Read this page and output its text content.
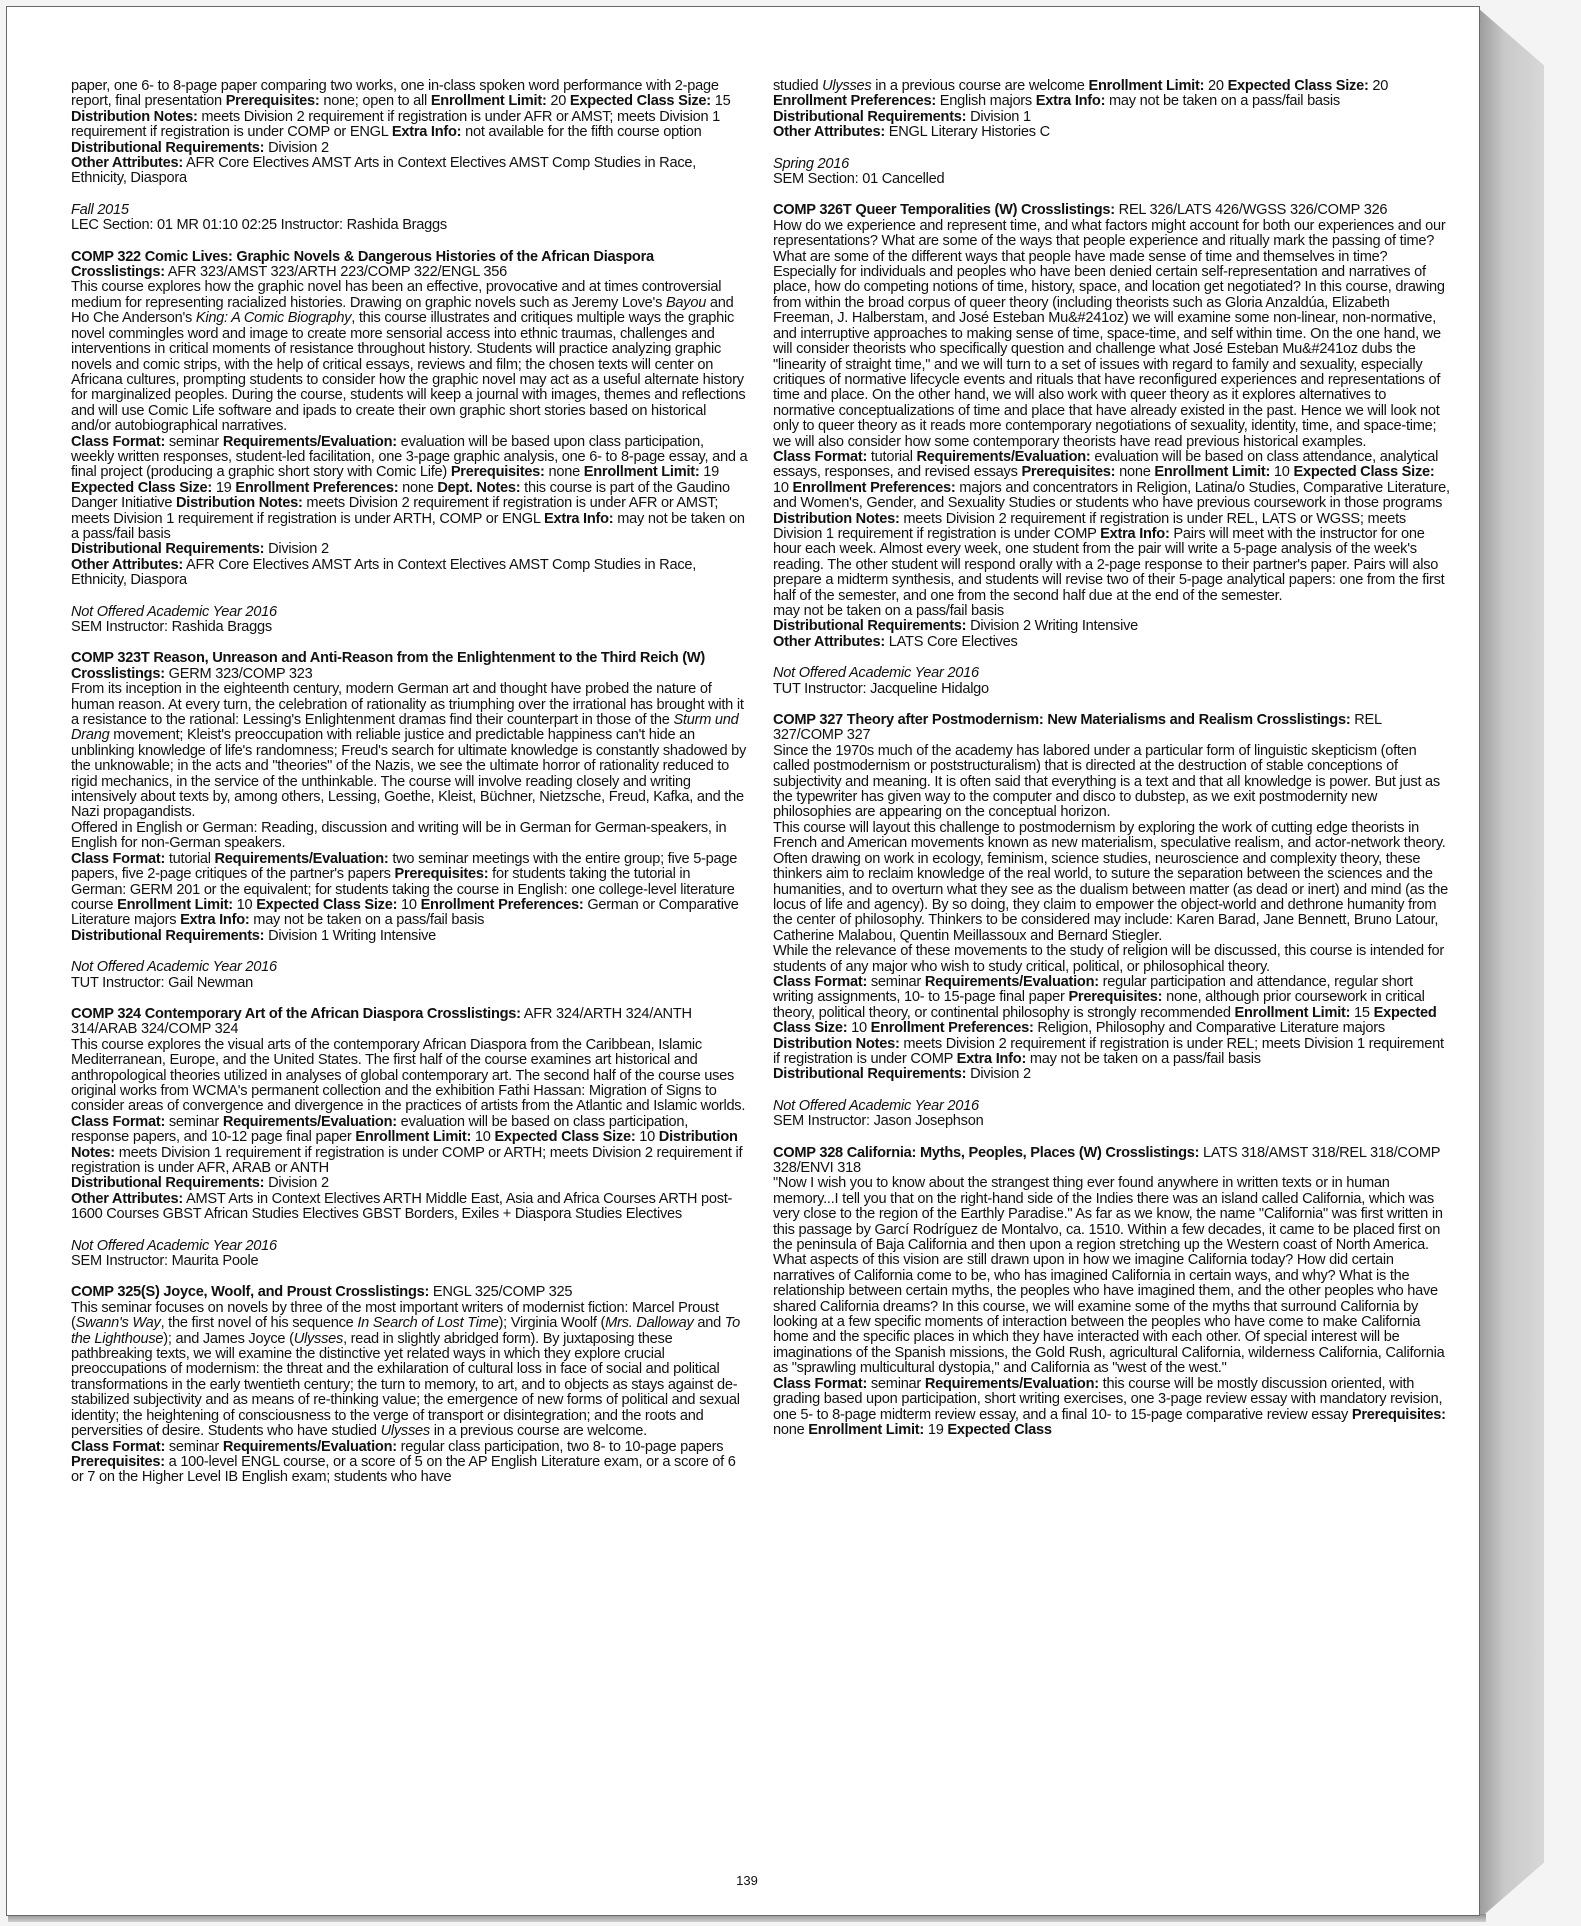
paper, one 6- to 8-page paper comparing two works, one in-class spoken word performance with 2-page report, final presentation Prerequisites: none; open to all Enrollment Limit: 20 Expected Class Size: 15 Distribution Notes: meets Division 2 requirement if registration is under AFR or AMST; meets Division 1 requirement if registration is under COMP or ENGL Extra Info: not available for the fifth course option

Distributional Requirements: Division 2

Other Attributes: AFR Core Electives AMST Arts in Context Electives AMST Comp Studies in Race, Ethnicity, Diaspora

Fall 2015

LEC Section: 01 MR 01:10 02:25 Instructor: Rashida Braggs

COMP 322 Comic Lives: Graphic Novels & Dangerous Histories of the African Diaspora Crosslistings: AFR 323/AMST 323/ARTH 223/COMP 322/ENGL 356

This course explores how the graphic novel has been an effective, provocative and at times controversial medium for representing racialized histories. Drawing on graphic novels such as Jeremy Love's Bayou and Ho Che Anderson's King: A Comic Biography, this course illustrates and critiques multiple ways the graphic novel commingles word and image to create more sensorial access into ethnic traumas, challenges and interventions in critical moments of resistance throughout history. Students will practice analyzing graphic novels and comic strips, with the help of critical essays, reviews and film; the chosen texts will center on Africana cultures, prompting students to consider how the graphic novel may act as a useful alternate history for marginalized peoples. During the course, students will keep a journal with images, themes and reflections and will use Comic Life software and ipads to create their own graphic short stories based on historical and/or autobiographical narratives.

Class Format: seminar Requirements/Evaluation: evaluation will be based upon class participation, weekly written responses, student-led facilitation, one 3-page graphic analysis, one 6- to 8-page essay, and a final project (producing a graphic short story with Comic Life) Prerequisites: none Enrollment Limit: 19 Expected Class Size: 19 Enrollment Preferences: none Dept. Notes: this course is part of the Gaudino Danger Initiative Distribution Notes: meets Division 2 requirement if registration is under AFR or AMST; meets Division 1 requirement if registration is under ARTH, COMP or ENGL Extra Info: may not be taken on a pass/fail basis

Distributional Requirements: Division 2

Other Attributes: AFR Core Electives AMST Arts in Context Electives AMST Comp Studies in Race, Ethnicity, Diaspora

Not Offered Academic Year 2016

SEM Instructor: Rashida Braggs

COMP 323T Reason, Unreason and Anti-Reason from the Enlightenment to the Third Reich (W) Crosslistings: GERM 323/COMP 323

From its inception in the eighteenth century, modern German art and thought have probed the nature of human reason. At every turn, the celebration of rationality as triumphing over the irrational has brought with it a resistance to the rational: Lessing's Enlightenment dramas find their counterpart in those of the Sturm und Drang movement; Kleist's preoccupation with reliable justice and predictable happiness can't hide an unblinking knowledge of life's randomness; Freud's search for ultimate knowledge is constantly shadowed by the unknowable; in the acts and "theories" of the Nazis, we see the ultimate horror of rationality reduced to rigid mechanics, in the service of the unthinkable. The course will involve reading closely and writing intensively about texts by, among others, Lessing, Goethe, Kleist, Büchner, Nietzsche, Freud, Kafka, and the Nazi propagandists.

Offered in English or German: Reading, discussion and writing will be in German for German-speakers, in English for non-German speakers.

Class Format: tutorial Requirements/Evaluation: two seminar meetings with the entire group; five 5-page papers, five 2-page critiques of the partner's papers Prerequisites: for students taking the tutorial in German: GERM 201 or the equivalent; for students taking the course in English: one college-level literature course Enrollment Limit: 10 Expected Class Size: 10 Enrollment Preferences: German or Comparative Literature majors Extra Info: may not be taken on a pass/fail basis

Distributional Requirements: Division 1 Writing Intensive

Not Offered Academic Year 2016

TUT Instructor: Gail Newman

COMP 324 Contemporary Art of the African Diaspora Crosslistings: AFR 324/ARTH 324/ANTH 314/ARAB 324/COMP 324

This course explores the visual arts of the contemporary African Diaspora from the Caribbean, Islamic Mediterranean, Europe, and the United States. The first half of the course examines art historical and anthropological theories utilized in analyses of global contemporary art. The second half of the course uses original works from WCMA's permanent collection and the exhibition Fathi Hassan: Migration of Signs to consider areas of convergence and divergence in the practices of artists from the Atlantic and Islamic worlds.

Class Format: seminar Requirements/Evaluation: evaluation will be based on class participation, response papers, and 10-12 page final paper Enrollment Limit: 10 Expected Class Size: 10 Distribution Notes: meets Division 1 requirement if registration is under COMP or ARTH; meets Division 2 requirement if registration is under AFR, ARAB or ANTH

Distributional Requirements: Division 2

Other Attributes: AMST Arts in Context Electives ARTH Middle East, Asia and Africa Courses ARTH post-1600 Courses GBST African Studies Electives GBST Borders, Exiles + Diaspora Studies Electives

Not Offered Academic Year 2016

SEM Instructor: Maurita Poole

COMP 325(S) Joyce, Woolf, and Proust Crosslistings: ENGL 325/COMP 325

This seminar focuses on novels by three of the most important writers of modernist fiction: Marcel Proust (Swann's Way, the first novel of his sequence In Search of Lost Time); Virginia Woolf (Mrs. Dalloway and To the Lighthouse); and James Joyce (Ulysses, read in slightly abridged form). By juxtaposing these pathbreaking texts, we will examine the distinctive yet related ways in which they explore crucial preoccupations of modernism: the threat and the exhilaration of cultural loss in face of social and political transformations in the early twentieth century; the turn to memory, to art, and to objects as stays against de-stabilized subjectivity and as means of re-thinking value; the emergence of new forms of political and sexual identity; the heightening of consciousness to the verge of transport or disintegration; and the roots and perversities of desire. Students who have studied Ulysses in a previous course are welcome.

Class Format: seminar Requirements/Evaluation: regular class participation, two 8- to 10-page papers Prerequisites: a 100-level ENGL course, or a score of 5 on the AP English Literature exam, or a score of 6 or 7 on the Higher Level IB English exam; students who have

studied Ulysses in a previous course are welcome Enrollment Limit: 20 Expected Class Size: 20 Enrollment Preferences: English majors Extra Info: may not be taken on a pass/fail basis

Distributional Requirements: Division 1

Other Attributes: ENGL Literary Histories C

Spring 2016

SEM Section: 01 Cancelled

COMP 326T Queer Temporalities (W) Crosslistings: REL 326/LATS 426/WGSS 326/COMP 326

How do we experience and represent time, and what factors might account for both our experiences and our representations? What are some of the ways that people experience and ritually mark the passing of time? What are some of the different ways that people have made sense of time and themselves in time? Especially for individuals and peoples who have been denied certain self-representation and narratives of place, how do competing notions of time, history, space, and location get negotiated? In this course, drawing from within the broad corpus of queer theory (including theorists such as Gloria Anzaldúa, Elizabeth Freeman, J. Halberstam, and José Esteban Mu&#241oz) we will examine some non-linear, non-normative, and interruptive approaches to making sense of time, space-time, and self within time. On the one hand, we will consider theorists who specifically question and challenge what José Esteban Mu&#241oz dubs the "linearity of straight time," and we will turn to a set of issues with regard to family and sexuality, especially critiques of normative lifecycle events and rituals that have reconfigured experiences and representations of time and place. On the other hand, we will also work with queer theory as it explores alternatives to normative conceptualizations of time and place that have already existed in the past. Hence we will look not only to queer theory as it reads more contemporary negotiations of sexuality, identity, time, and space-time; we will also consider how some contemporary theorists have read previous historical examples.

Class Format: tutorial Requirements/Evaluation: evaluation will be based on class attendance, analytical essays, responses, and revised essays Prerequisites: none Enrollment Limit: 10 Expected Class Size: 10 Enrollment Preferences: majors and concentrators in Religion, Latina/o Studies, Comparative Literature, and Women's, Gender, and Sexuality Studies or students who have previous coursework in those programs Distribution Notes: meets Division 2 requirement if registration is under REL, LATS or WGSS; meets Division 1 requirement if registration is under COMP Extra Info: Pairs will meet with the instructor for one hour each week. Almost every week, one student from the pair will write a 5-page analysis of the week's reading. The other student will respond orally with a 2-page response to their partner's paper. Pairs will also prepare a midterm synthesis, and students will revise two of their 5-page analytical papers: one from the first half of the semester, and one from the second half due at the end of the semester.

may not be taken on a pass/fail basis

Distributional Requirements: Division 2 Writing Intensive

Other Attributes: LATS Core Electives

Not Offered Academic Year 2016

TUT Instructor: Jacqueline Hidalgo

COMP 327 Theory after Postmodernism: New Materialisms and Realism Crosslistings: REL 327/COMP 327

Since the 1970s much of the academy has labored under a particular form of linguistic skepticism (often called postmodernism or poststructuralism) that is directed at the destruction of stable conceptions of subjectivity and meaning. It is often said that everything is a text and that all knowledge is power. But just as the typewriter has given way to the computer and disco to dubstep, as we exit postmodernity new philosophies are appearing on the conceptual horizon.

This course will layout this challenge to postmodernism by exploring the work of cutting edge theorists in French and American movements known as new materialism, speculative realism, and actor-network theory. Often drawing on work in ecology, feminism, science studies, neuroscience and complexity theory, these thinkers aim to reclaim knowledge of the real world, to suture the separation between the sciences and the humanities, and to overturn what they see as the dualism between matter (as dead or inert) and mind (as the locus of life and agency). By so doing, they claim to empower the object-world and dethrone humanity from the center of philosophy. Thinkers to be considered may include: Karen Barad, Jane Bennett, Bruno Latour, Catherine Malabou, Quentin Meillassoux and Bernard Stiegler.

While the relevance of these movements to the study of religion will be discussed, this course is intended for students of any major who wish to study critical, political, or philosophical theory.

Class Format: seminar Requirements/Evaluation: regular participation and attendance, regular short writing assignments, 10- to 15-page final paper Prerequisites: none, although prior coursework in critical theory, political theory, or continental philosophy is strongly recommended Enrollment Limit: 15 Expected Class Size: 10 Enrollment Preferences: Religion, Philosophy and Comparative Literature majors Distribution Notes: meets Division 2 requirement if registration is under REL; meets Division 1 requirement if registration is under COMP Extra Info: may not be taken on a pass/fail basis

Distributional Requirements: Division 2

Not Offered Academic Year 2016

SEM Instructor: Jason Josephson

COMP 328 California: Myths, Peoples, Places (W) Crosslistings: LATS 318/AMST 318/REL 318/COMP 328/ENVI 318

"Now I wish you to know about the strangest thing ever found anywhere in written texts or in human memory...I tell you that on the right-hand side of the Indies there was an island called California, which was very close to the region of the Earthly Paradise." As far as we know, the name "California" was first written in this passage by Garcí Rodríguez de Montalvo, ca. 1510. Within a few decades, it came to be placed first on the peninsula of Baja California and then upon a region stretching up the Western coast of North America. What aspects of this vision are still drawn upon in how we imagine California today? How did certain narratives of California come to be, who has imagined California in certain ways, and why? What is the relationship between certain myths, the peoples who have imagined them, and the other peoples who have shared California dreams? In this course, we will examine some of the myths that surround California by looking at a few specific moments of interaction between the peoples who have come to make California home and the specific places in which they have interacted with each other. Of special interest will be imaginations of the Spanish missions, the Gold Rush, agricultural California, wilderness California, California as "sprawling multicultural dystopia," and California as "west of the west."

Class Format: seminar Requirements/Evaluation: this course will be mostly discussion oriented, with grading based upon participation, short writing exercises, one 3-page review essay with mandatory revision, one 5- to 8-page midterm review essay, and a final 10- to 15-page comparative review essay Prerequisites: none Enrollment Limit: 19 Expected Class

139
